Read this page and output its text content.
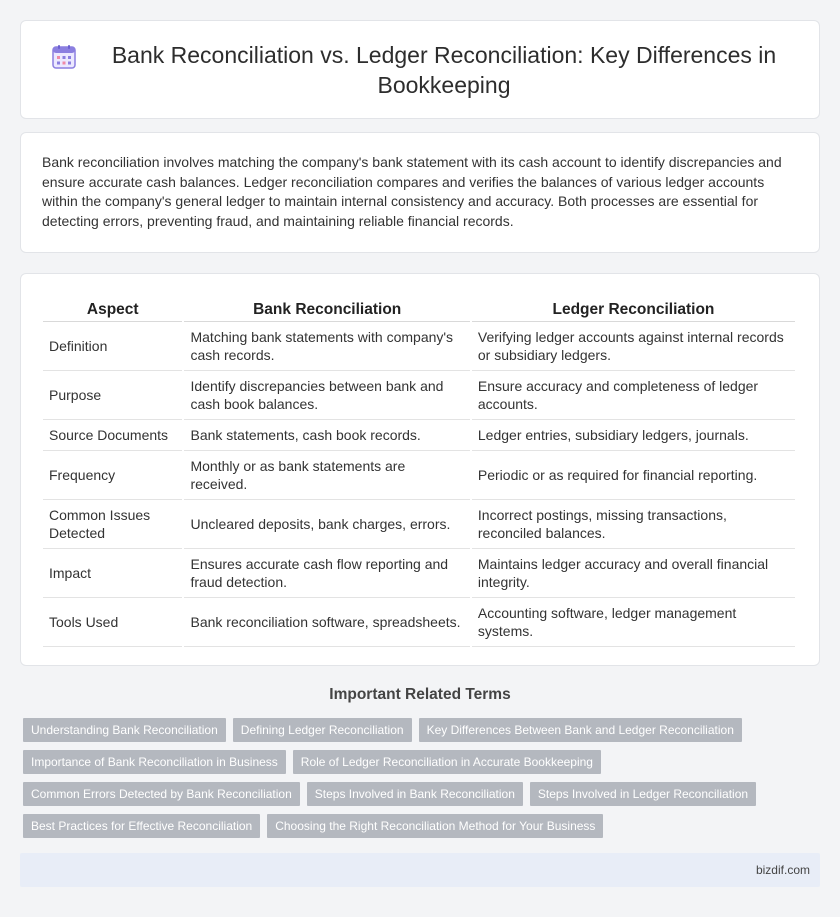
Bank Reconciliation vs. Ledger Reconciliation: Key Differences in Bookkeeping

Bank reconciliation involves matching the company's bank statement with its cash account to identify discrepancies and ensure accurate cash balances. Ledger reconciliation compares and verifies the balances of various ledger accounts within the company's general ledger to maintain internal consistency and accuracy. Both processes are essential for detecting errors, preventing fraud, and maintaining reliable financial records.

Aspect	Bank Reconciliation	Ledger Reconciliation
Definition	Matching bank statements with company's cash records.	Verifying ledger accounts against internal records or subsidiary ledgers.
Purpose	Identify discrepancies between bank and cash book balances.	Ensure accuracy and completeness of ledger accounts.
Source Documents	Bank statements, cash book records.	Ledger entries, subsidiary ledgers, journals.
Frequency	Monthly or as bank statements are received.	Periodic or as required for financial reporting.
Common Issues Detected	Uncleared deposits, bank charges, errors.	Incorrect postings, missing transactions, reconciled balances.
Impact	Ensures accurate cash flow reporting and fraud detection.	Maintains ledger accuracy and overall financial integrity.
Tools Used	Bank reconciliation software, spreadsheets.	Accounting software, ledger management systems.
Important Related Terms
Understanding Bank Reconciliation	Defining Ledger Reconciliation	Key Differences Between Bank and Ledger Reconciliation
Importance of Bank Reconciliation in Business	Role of Ledger Reconciliation in Accurate Bookkeeping
Common Errors Detected by Bank Reconciliation	Steps Involved in Bank Reconciliation	Steps Involved in Ledger Reconciliation
Best Practices for Effective Reconciliation	Choosing the Right Reconciliation Method for Your Business
bizdif.com
